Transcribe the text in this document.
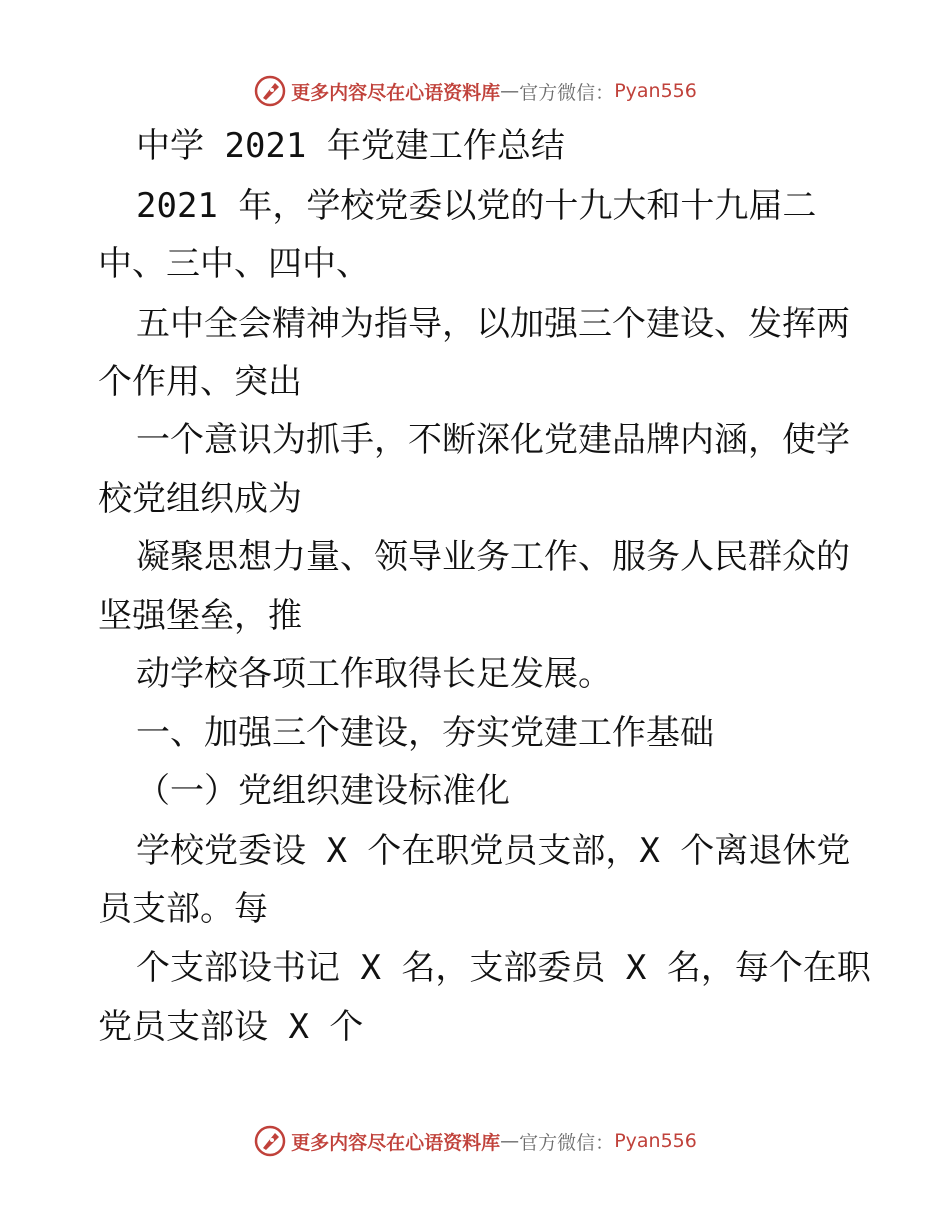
更多内容尽在心语资料库 — 官方微信： Pyan556

中学 2021 年党建工作总结

2021 年，学校党委以党的十九大和十九届二

中、三中、四中、

五中全会精神为指导，以加强三个建设、发挥两

个作用、突出

一个意识为抓手，不断深化党建品牌内涵，使学

校党组织成为

凝聚思想力量、领导业务工作、服务人民群众的

坚强堡垒，推

动学校各项工作取得长足发展。

一、加强三个建设，夯实党建工作基础

（一）党组织建设标准化

学校党委设 X 个在职党员支部，X 个离退休党

员支部。每

个支部设书记 X 名，支部委员 X 名，每个在职

党员支部设 X 个

更多内容尽在心语资料库 — 官方微信： Pyan556
